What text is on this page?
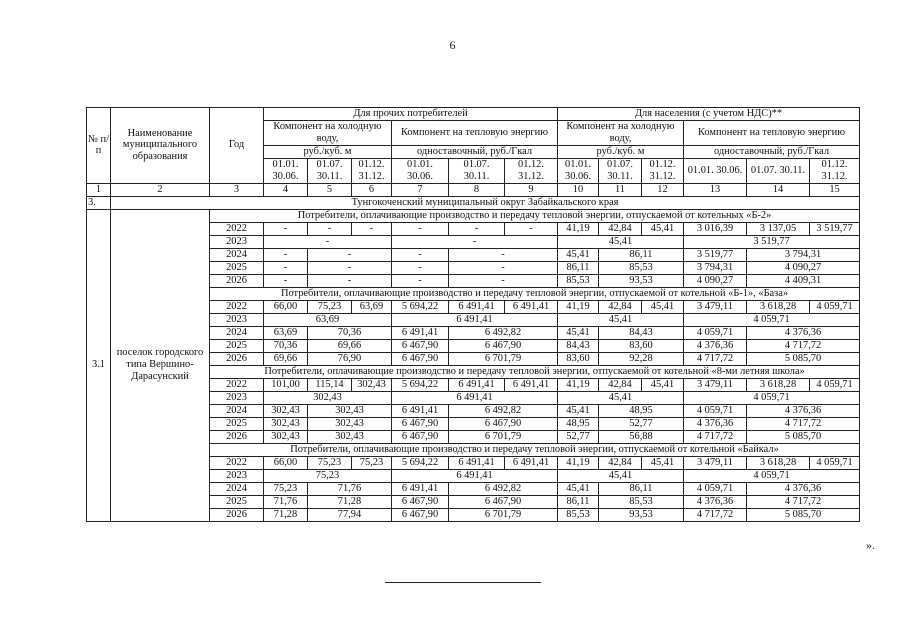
6
№ п/п	Наименование муниципального образования	Год	Для прочих потребителей						Для населения (с учетом НДС)**					
			Компонент на холодную воду,			Компонент на тепловую энергию			Компонент на холодную воду,			Компонент на тепловую энергию		

			руб./куб. м			одноставочный, руб./Гкал			руб./куб. м			одноставочный, руб./Гкал		
			01.01. 30.06.	01.07. 30.11.	01.12. 31.12.	01.01. 30.06.	01.07. 30.11.	01.12. 31.12.	01.01. 30.06.	01.07. 30.11.	01.12. 31.12.	01.01. 30.06.	01.07. 30.11.	01.12. 31.12.
1	2	3	4	5	6	7	8	9	10	11	12	13	14	15
3.	Тунгокоченский муниципальный округ Забайкальского края													
3.1	поселок городского типа Вершино-Дарасунский	Потребители, оплачивающие производство и передачу тепловой энергии, отпускаемой от котельных «Б-2»												
		2022	-	-	-	-	-	-	41,19	42,84	45,41	3 016,39	3 137,05	3 519,77
		2023	-			-			45,41			3 519,77		
		2024	-	-		-	-		45,41	86,11		3 519,77	3 794,31	
		2025	-	-		-	-		86,11	85,53		3 794,31	4 090,27	
		2026	-	-		-	-		85,53	93,53		4 090,27	4 409,31	
		Потребители, оплачивающие производство и передачу тепловой энергии, отпускаемой от котельной «Б-1», «База»												
		2022	66,00	75,23	63,69	5 694,22	6 491,41	6 491,41	41,19	42,84	45,41	3 479,11	3 618,28	4 059,71
		2023	63,69			6 491,41			45,41			4 059,71		
		2024	63,69	70,36		6 491,41	6 492,82		45,41	84,43		4 059,71	4 376,36	
		2025	70,36	69,66		6 467,90	6 467,90		84,43	83,60		4 376,36	4 717,72	
		2026	69,66	76,90		6 467,90	6 701,79		83,60	92,28		4 717,72	5 085,70	
		Потребители, оплачивающие производство и передачу тепловой энергии, отпускаемой от котельной «8-ми летняя школа»												
		2022	101,00	115,14	302,43	5 694,22	6 491,41	6 491,41	41,19	42,84	45,41	3 479,11	3 618,28	4 059,71
		2023	302,43			6 491,41			45,41			4 059,71		
		2024	302,43	302,43		6 491,41	6 492,82		45,41	48,95		4 059,71	4 376,36	
		2025	302,43	302,43		6 467,90	6 467,90		48,95	52,77		4 376,36	4 717,72	
		2026	302,43	302,43		6 467,90	6 701,79		52,77	56,88		4 717,72	5 085,70	
		Потребители, оплачивающие производство и передачу тепловой энергии, отпускаемой от котельной «Байкал»												
		2022	66,00	75,23	75,23	5 694,22	6 491,41	6 491,41	41,19	42,84	45,41	3 479,11	3 618,28	4 059,71
		2023	75,23			6 491,41			45,41			4 059,71		
		2024	75,23	71,76		6 491,41	6 492,82		45,41	86,11		4 059,71	4 376,36	
		2025	71,76	71,28		6 467,90	6 467,90		86,11	85,53		4 376,36	4 717,72	
		2026	71,28	77,94		6 467,90	6 701,79		85,53	93,53		4 717,72	5 085,70	
».
